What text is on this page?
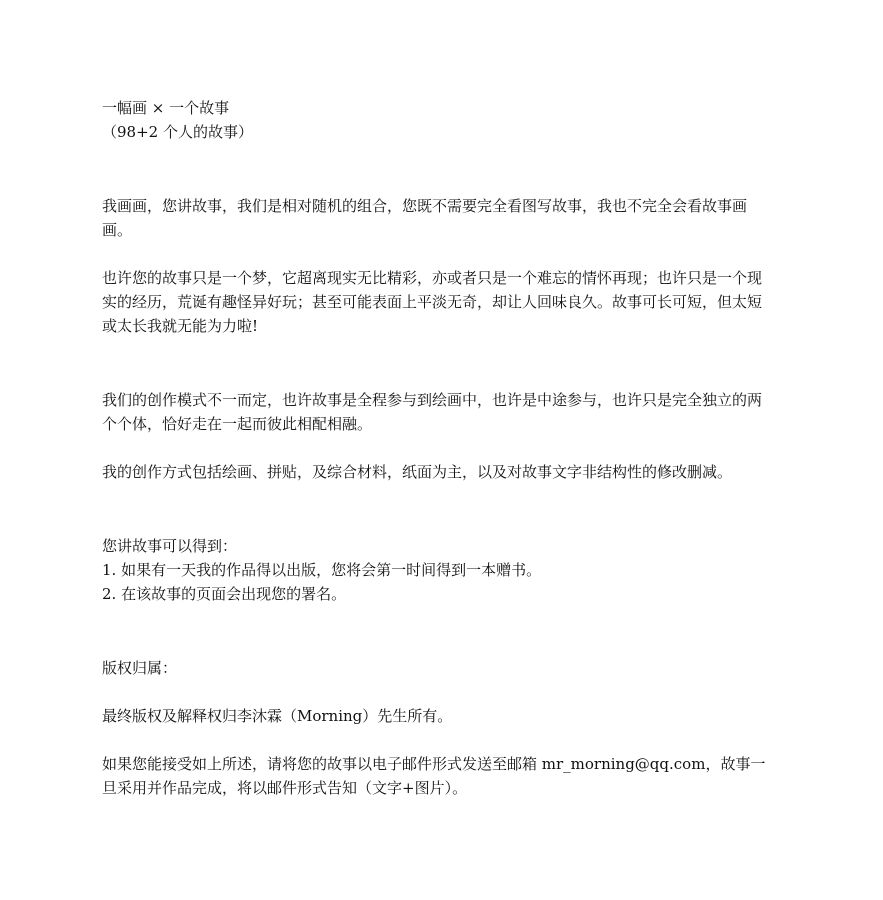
一幅画 × 一个故事
（98+2 个人的故事）

我画画，您讲故事，我们是相对随机的组合，您既不需要完全看图写故事，我也不完全会看故事画画。

也许您的故事只是一个梦，它超离现实无比精彩，亦或者只是一个难忘的情怀再现；也许只是一个现实的经历，荒诞有趣怪异好玩；甚至可能表面上平淡无奇，却让人回味良久。故事可长可短，但太短或太长我就无能为力啦!

我们的创作模式不一而定，也许故事是全程参与到绘画中，也许是中途参与，也许只是完全独立的两个个体，恰好走在一起而彼此相配相融。

我的创作方式包括绘画、拼贴，及综合材料，纸面为主，以及对故事文字非结构性的修改删减。

您讲故事可以得到：

1. 如果有一天我的作品得以出版，您将会第一时间得到一本赠书。
2. 在该故事的页面会出现您的署名。

版权归属：

最终版权及解释权归李沐霖（Morning）先生所有。

如果您能接受如上所述，请将您的故事以电子邮件形式发送至邮箱 mr_morning@qq.com，故事一旦采用并作品完成，将以邮件形式告知（文字+图片）。
